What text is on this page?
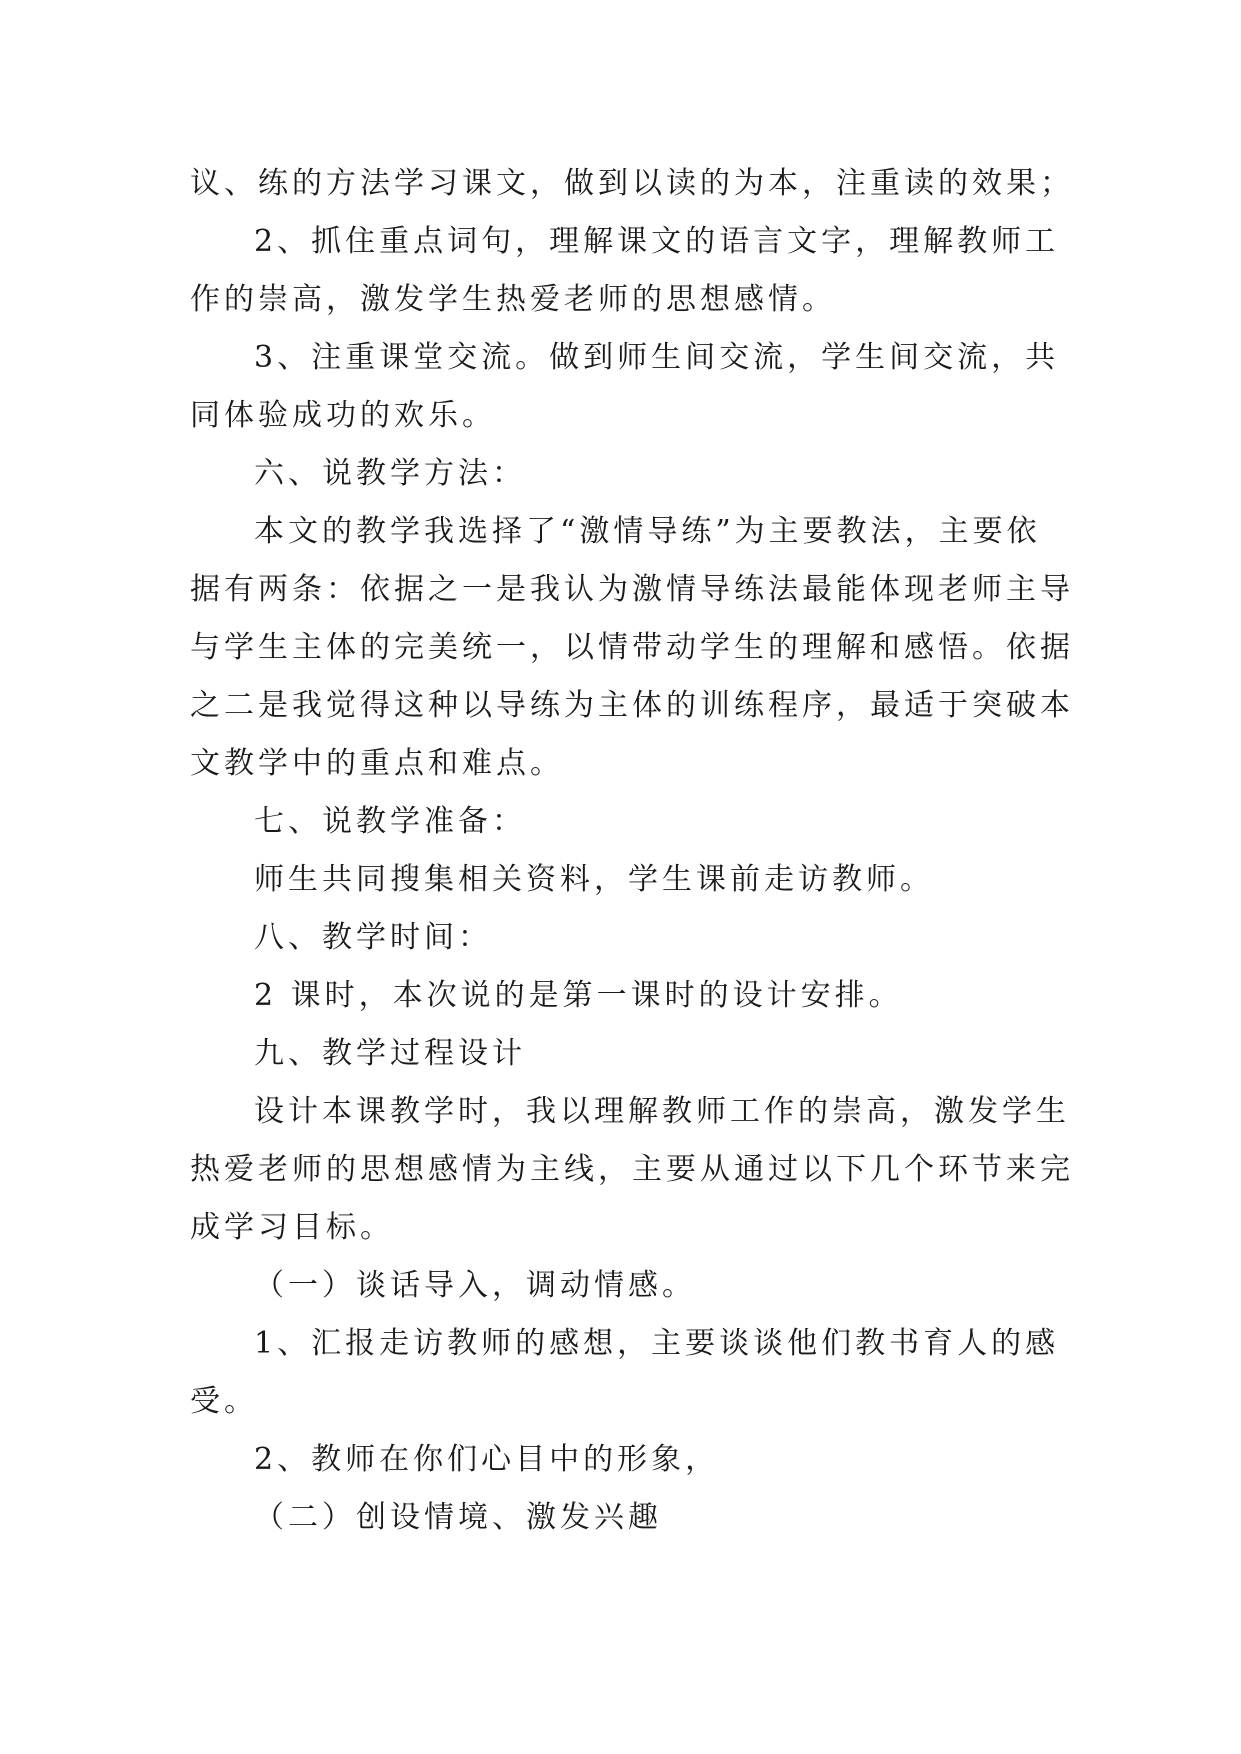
议、练的方法学习课文，做到以读的为本，注重读的效果；
2、抓住重点词句，理解课文的语言文字，理解教师工
作的崇高，激发学生热爱老师的思想感情。
3、注重课堂交流。做到师生间交流，学生间交流，共
同体验成功的欢乐。
六、说教学方法：
本文的教学我选择了“激情导练”为主要教法，主要依
据有两条：依据之一是我认为激情导练法最能体现老师主导
与学生主体的完美统一，以情带动学生的理解和感悟。依据
之二是我觉得这种以导练为主体的训练程序，最适于突破本
文教学中的重点和难点。
七、说教学准备：
师生共同搜集相关资料，学生课前走访教师。
八、教学时间：
2 课时，本次说的是第一课时的设计安排。
九、教学过程设计
设计本课教学时，我以理解教师工作的崇高，激发学生
热爱老师的思想感情为主线，主要从通过以下几个环节来完
成学习目标。
（一）谈话导入，调动情感。
1、汇报走访教师的感想，主要谈谈他们教书育人的感
受。
2、教师在你们心目中的形象，
（二）创设情境、激发兴趣
